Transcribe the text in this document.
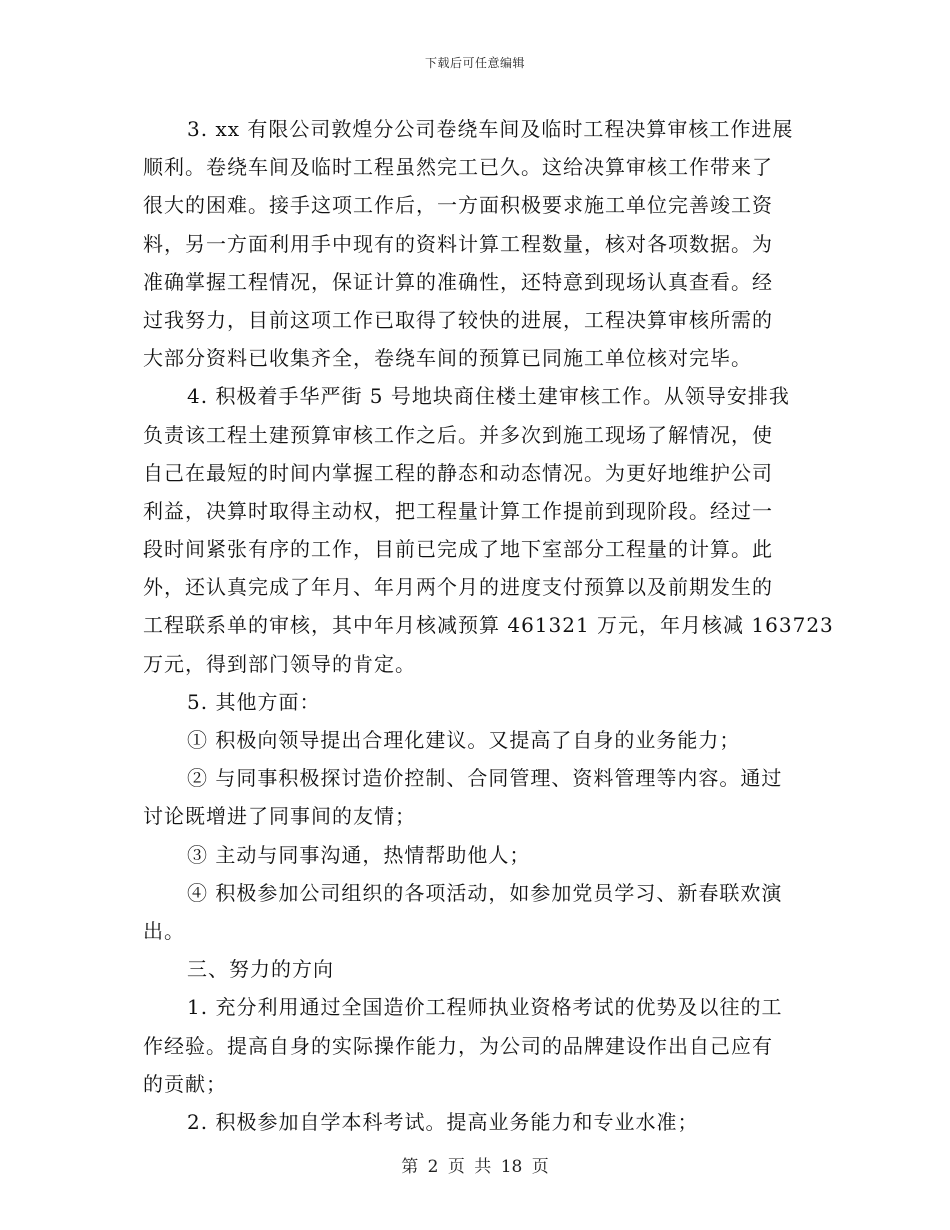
下载后可任意编辑
3. xx 有限公司敦煌分公司卷绕车间及临时工程决算审核工作进展
顺利。卷绕车间及临时工程虽然完工已久。这给决算审核工作带来了
很大的困难。接手这项工作后，一方面积极要求施工单位完善竣工资
料，另一方面利用手中现有的资料计算工程数量，核对各项数据。为
准确掌握工程情况，保证计算的准确性，还特意到现场认真查看。经
过我努力，目前这项工作已取得了较快的进展，工程决算审核所需的
大部分资料已收集齐全，卷绕车间的预算已同施工单位核对完毕。
4. 积极着手华严街 5 号地块商住楼土建审核工作。从领导安排我
负责该工程土建预算审核工作之后。并多次到施工现场了解情况，使
自己在最短的时间内掌握工程的静态和动态情况。为更好地维护公司
利益，决算时取得主动权，把工程量计算工作提前到现阶段。经过一
段时间紧张有序的工作，目前已完成了地下室部分工程量的计算。此
外，还认真完成了年月、年月两个月的进度支付预算以及前期发生的
工程联系单的审核，其中年月核减预算 461321 万元，年月核减 163723
万元，得到部门领导的肯定。
5. 其他方面：
① 积极向领导提出合理化建议。又提高了自身的业务能力；
② 与同事积极探讨造价控制、合同管理、资料管理等内容。通过
讨论既增进了同事间的友情；
③ 主动与同事沟通，热情帮助他人；
④ 积极参加公司组织的各项活动，如参加党员学习、新春联欢演
出。
三、努力的方向
1. 充分利用通过全国造价工程师执业资格考试的优势及以往的工
作经验。提高自身的实际操作能力，为公司的品牌建设作出自己应有
的贡献；
2. 积极参加自学本科考试。提高业务能力和专业水准；
第 2 页 共 18 页
